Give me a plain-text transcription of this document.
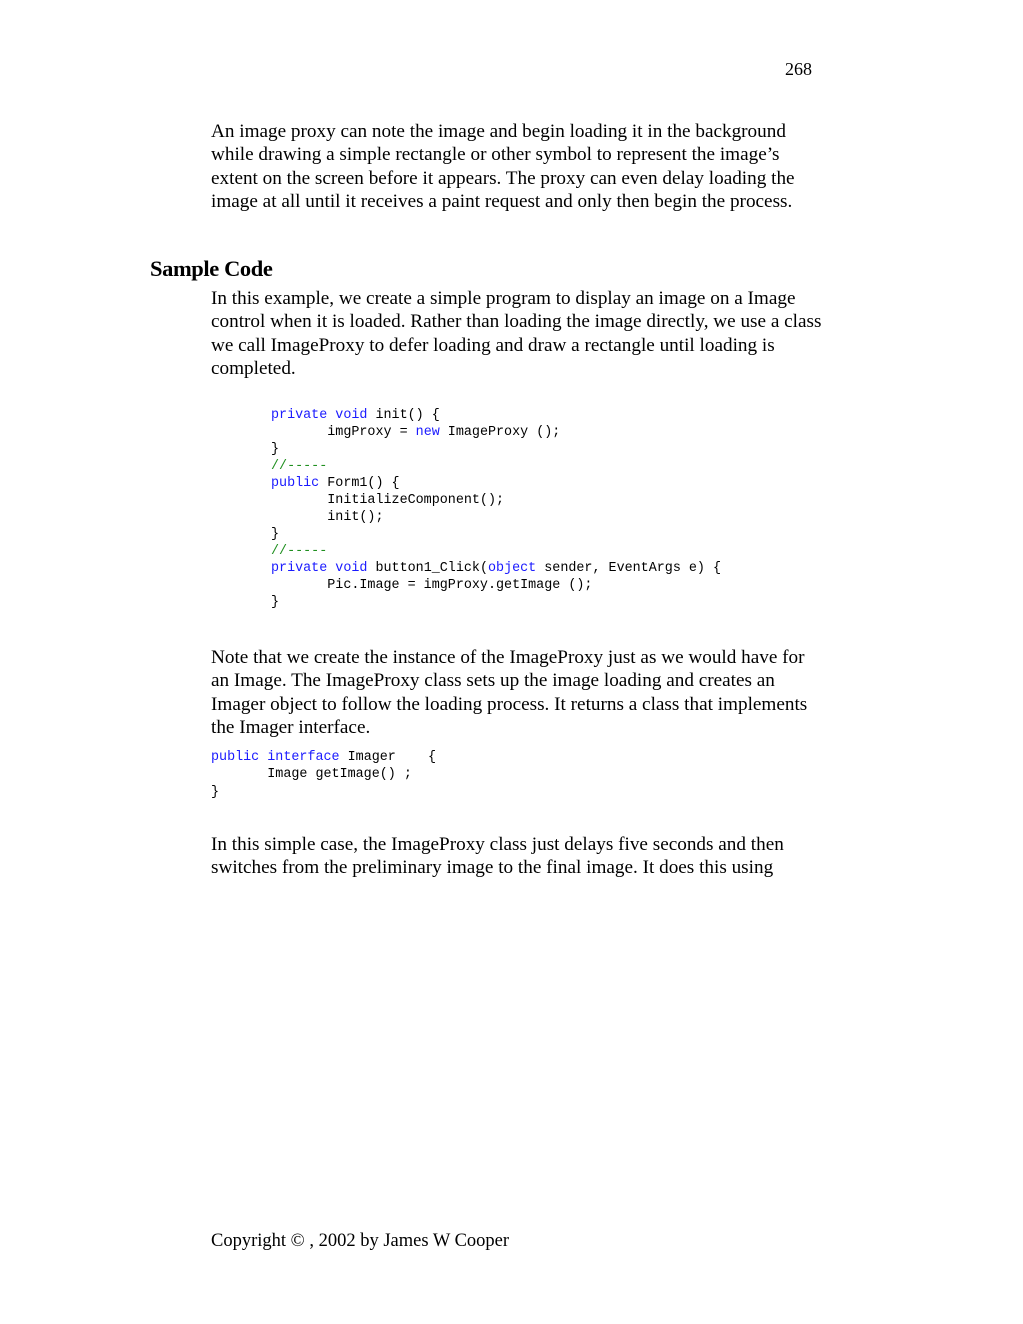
268

An image proxy can note the image and begin loading it in the background while drawing a simple rectangle or other symbol to represent the image’s extent on the screen before it appears. The proxy can even delay loading the image at all until it receives a paint request and only then begin the process.

Sample Code

In this example, we create a simple program to display an image on a Image control when it is loaded. Rather than loading the image directly, we use a class we call ImageProxy to defer loading and draw a rectangle until loading is completed.

private void init() {
imgProxy = new ImageProxy ();
}
//-----
public Form1() {
InitializeComponent();
init();
}
//-----
private void button1_Click(object sender, EventArgs e) {
Pic.Image = imgProxy.getImage ();
}

Note that we create the instance of the ImageProxy just as we would have for an Image. The ImageProxy class sets up the image loading and creates an Imager object to follow the loading process. It returns a class that implements the Imager interface.

public interface Imager    {
Image getImage() ;
}

In this simple case, the ImageProxy class just delays five seconds and then switches from the preliminary image to the final image. It does this using

Copyright © , 2002 by James W Cooper
